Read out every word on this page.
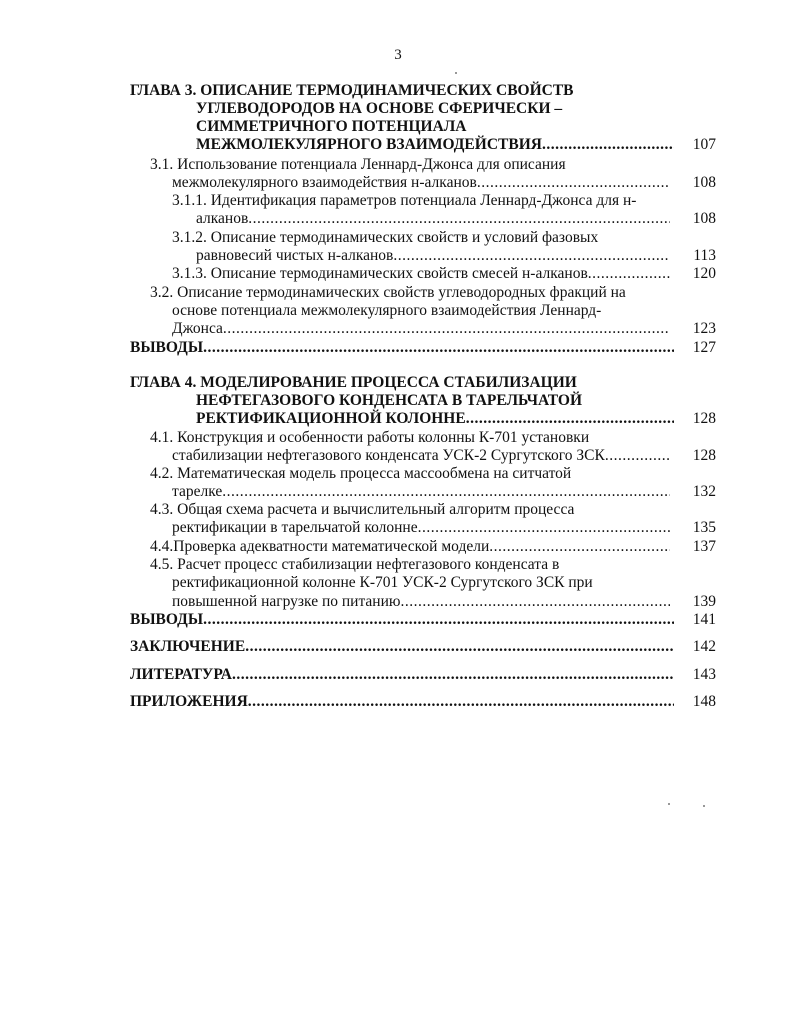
3
ГЛАВА 3. ОПИСАНИЕ ТЕРМОДИНАМИЧЕСКИХ СВОЙСТВ
УГЛЕВОДОРОДОВ НА ОСНОВЕ СФЕРИЧЕСКИ –
СИММЕТРИЧНОГО ПОТЕНЦИАЛА
МЕЖМОЛЕКУЛЯРНОГО ВЗАИМОДЕЙСТВИЯ .....	107
3.1. Использование потенциала Леннард-Джонса для описания
межмолекулярного взаимодействия н-алканов .....	108
3.1.1. Идентификация параметров потенциала Леннард-Джонса для н-
алканов .....	108
3.1.2. Описание термодинамических свойств и условий фазовых
равновесий чистых н-алканов .....	113
3.1.3. Описание термодинамических свойств смесей н-алканов .....	120
3.2. Описание термодинамических свойств углеводородных фракций на
основе потенциала межмолекулярного взаимодействия Леннард-
Джонса .....	123
ВЫВОДЫ .....	127
ГЛАВА 4. МОДЕЛИРОВАНИЕ ПРОЦЕССА СТАБИЛИЗАЦИИ
НЕФТЕГАЗОВОГО КОНДЕНСАТА В ТАРЕЛЬЧАТОЙ
РЕКТИФИКАЦИОННОЙ КОЛОННЕ .....	128
4.1. Конструкция и особенности работы колонны К-701 установки
стабилизации нефтегазового конденсата УСК-2 Сургутского ЗСК .....	128
4.2. Математическая модель процесса массообмена на ситчатой
тарелке .....	132
4.3. Общая схема расчета и вычислительный алгоритм процесса
ректификации в тарельчатой колонне .....	135
4.4.Проверка адекватности математической модели .....	137
4.5. Расчет процесс стабилизации нефтегазового конденсата в
ректификационной колонне К-701 УСК-2 Сургутского ЗСК при
повышенной нагрузке по питанию .....	139
ВЫВОДЫ .....	141
ЗАКЛЮЧЕНИЕ .....	142
ЛИТЕРАТУРА .....	143
ПРИЛОЖЕНИЯ .....	148
